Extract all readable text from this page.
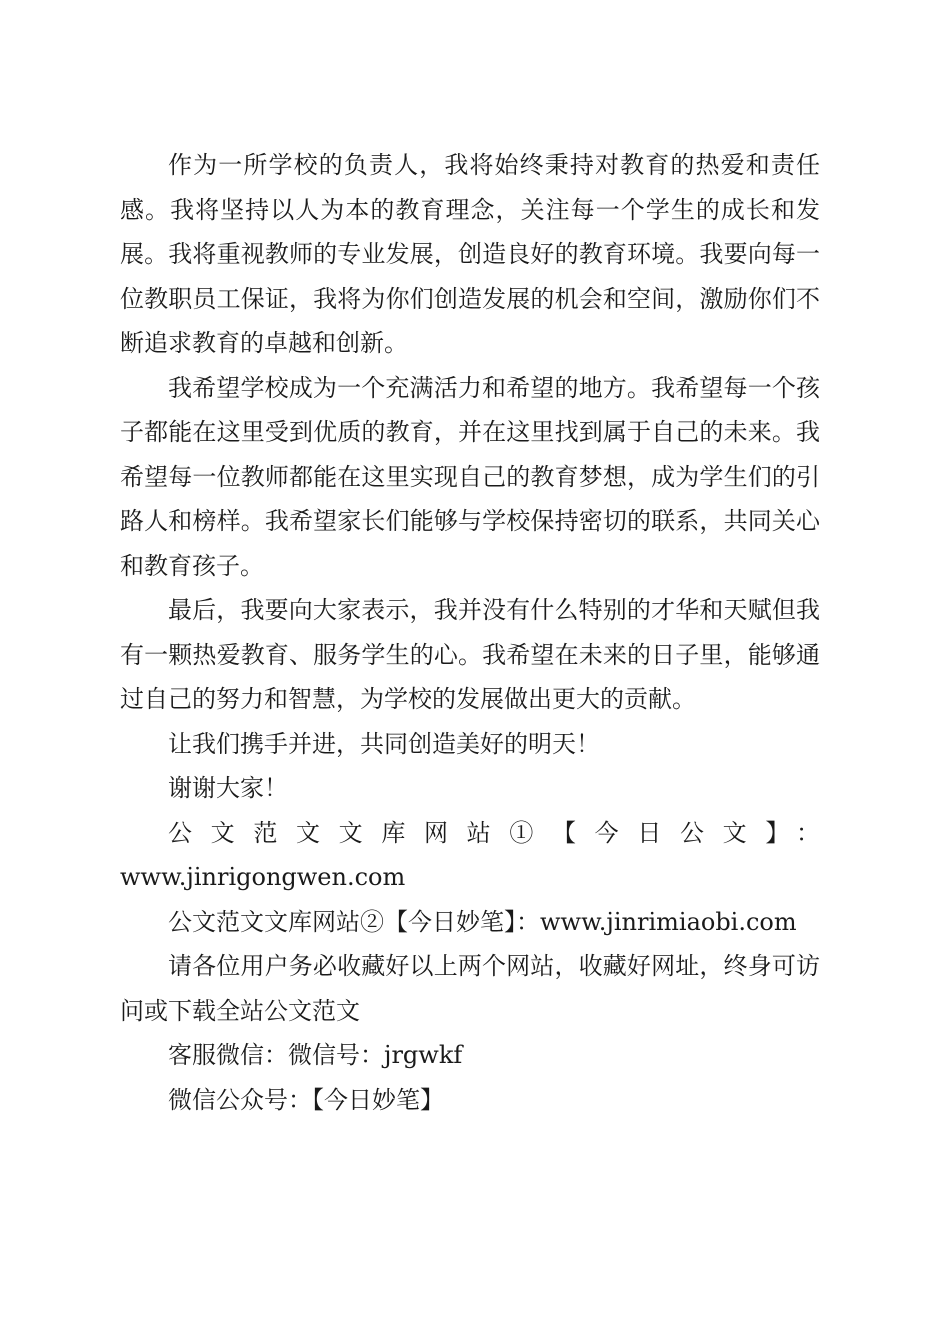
作为一所学校的负责人，我将始终秉持对教育的热爱和责任感。我将坚持以人为本的教育理念，关注每一个学生的成长和发展。我将重视教师的专业发展，创造良好的教育环境。我要向每一位教职员工保证，我将为你们创造发展的机会和空间，激励你们不断追求教育的卓越和创新。

我希望学校成为一个充满活力和希望的地方。我希望每一个孩子都能在这里受到优质的教育，并在这里找到属于自己的未来。我希望每一位教师都能在这里实现自己的教育梦想，成为学生们的引路人和榜样。我希望家长们能够与学校保持密切的联系，共同关心和教育孩子。

最后，我要向大家表示，我并没有什么特别的才华和天赋但我有一颗热爱教育、服务学生的心。我希望在未来的日子里，能够通过自己的努力和智慧，为学校的发展做出更大的贡献。

让我们携手并进，共同创造美好的明天！

谢谢大家！

公文范文文库网站①【今日公文】：

www.jinrigongwen.com

公文范文文库网站②【今日妙笔】：www.jinrimiaobi.com

请各位用户务必收藏好以上两个网站，收藏好网址，终身可访问或下载全站公文范文

客服微信：微信号：jrgwkf

微信公众号：【今日妙笔】
